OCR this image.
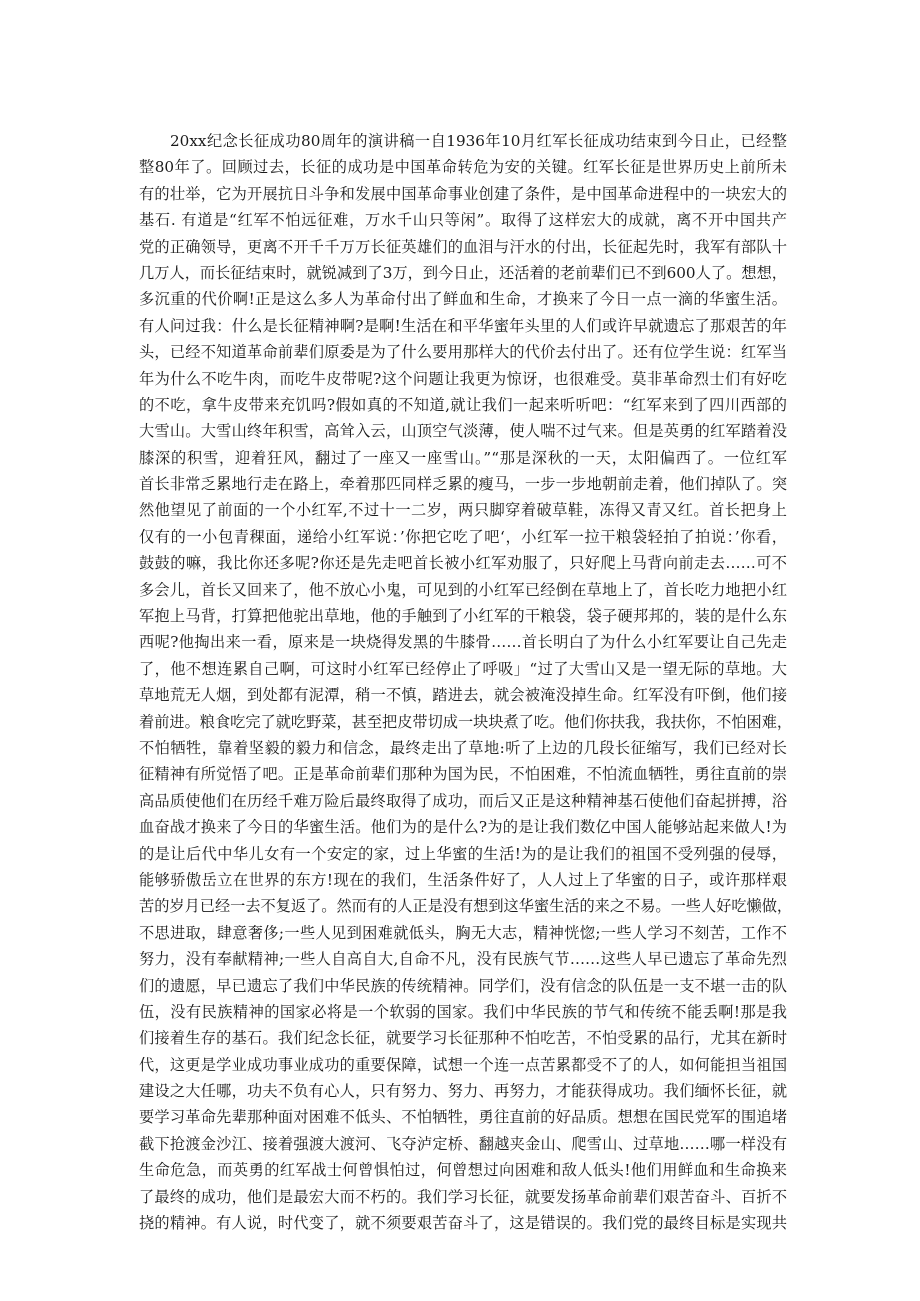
20xx纪念长征成功80周年的演讲稿一自1936年10月红军长征成功结束到今日止，已经整
整80年了。回顾过去，长征的成功是中国革命转危为安的关键。红军长征是世界历史上前所未
有的壮举，它为开展抗日斗争和发展中国革命事业创建了条件，是中国革命进程中的一块宏大的
基石. 有道是“红军不怕远征难，万水千山只等闲”。取得了这样宏大的成就，离不开中国共产
党的正确领导，更离不开千千万万长征英雄们的血泪与汗水的付出，长征起先时，我军有部队十
几万人，而长征结束时，就锐减到了3万，到今日止，还活着的老前辈们已不到600人了。想想，
多沉重的代价啊!正是这么多人为革命付出了鲜血和生命，才换来了今日一点一滴的华蜜生活。
有人问过我：什么是长征精神啊?是啊!生活在和平华蜜年头里的人们或许早就遗忘了那艰苦的年
头，已经不知道革命前辈们原委是为了什么要用那样大的代价去付出了。还有位学生说：红军当
年为什么不吃牛肉，而吃牛皮带呢?这个问题让我更为惊讶，也很难受。莫非革命烈士们有好吃
的不吃，拿牛皮带来充饥吗?假如真的不知道,就让我们一起来听听吧：“红军来到了四川西部的
大雪山。大雪山终年积雪，高耸入云，山顶空气淡薄，使人喘不过气来。但是英勇的红军踏着没
膝深的积雪，迎着狂风，翻过了一座又一座雪山。”“那是深秋的一天，太阳偏西了。一位红军
首长非常乏累地行走在路上，牵着那匹同样乏累的瘦马，一步一步地朝前走着，他们掉队了。突
然他望见了前面的一个小红军,不过十一二岁，两只脚穿着破草鞋，冻得又青又红。首长把身上
仅有的一小包青稞面，递给小红军说：’你把它吃了吧‘，小红军一拉干粮袋轻拍了拍说：’你看，
鼓鼓的嘛，我比你还多呢?你还是先走吧首长被小红军劝服了，只好爬上马背向前走去……可不
多会儿，首长又回来了，他不放心小鬼，可见到的小红军已经倒在草地上了，首长吃力地把小红
军抱上马背，打算把他驼出草地，他的手触到了小红军的干粮袋，袋子硬邦邦的，装的是什么东
西呢?他掏出来一看，原来是一块烧得发黑的牛膝骨……首长明白了为什么小红军要让自己先走
了，他不想连累自己啊，可这时小红军已经停止了呼吸」“过了大雪山又是一望无际的草地。大
草地荒无人烟，到处都有泥潭，稍一不慎，踏进去，就会被淹没掉生命。红军没有吓倒，他们接
着前进。粮食吃完了就吃野菜，甚至把皮带切成一块块煮了吃。他们你扶我，我扶你，不怕困难，
不怕牺牲，靠着坚毅的毅力和信念，最终走出了草地:听了上边的几段长征缩写，我们已经对长
征精神有所觉悟了吧。正是革命前辈们那种为国为民，不怕困难，不怕流血牺牲，勇往直前的崇
高品质使他们在历经千难万险后最终取得了成功，而后又正是这种精神基石使他们奋起拼搏，浴
血奋战才换来了今日的华蜜生活。他们为的是什么?为的是让我们数亿中国人能够站起来做人!为
的是让后代中华儿女有一个安定的家，过上华蜜的生活!为的是让我们的祖国不受列强的侵辱，
能够骄傲岳立在世界的东方!现在的我们，生活条件好了，人人过上了华蜜的日子，或许那样艰
苦的岁月已经一去不复返了。然而有的人正是没有想到这华蜜生活的来之不易。一些人好吃懒做，
不思进取，肆意奢侈;一些人见到困难就低头，胸无大志，精神恍惚;一些人学习不刻苦，工作不
努力，没有奉献精神;一些人自高自大,自命不凡，没有民族气节……这些人早已遗忘了革命先烈
们的遗愿，早已遗忘了我们中华民族的传统精神。同学们，没有信念的队伍是一支不堪一击的队
伍，没有民族精神的国家必将是一个软弱的国家。我们中华民族的节气和传统不能丢啊!那是我
们接着生存的基石。我们纪念长征，就要学习长征那种不怕吃苦，不怕受累的品行，尤其在新时
代，这更是学业成功事业成功的重要保障，试想一个连一点苦累都受不了的人，如何能担当祖国
建设之大任哪，功夫不负有心人，只有努力、努力、再努力，才能获得成功。我们缅怀长征，就
要学习革命先辈那种面对困难不低头、不怕牺牲，勇往直前的好品质。想想在国民党军的围追堵
截下抢渡金沙江、接着强渡大渡河、飞夺泸定桥、翻越夹金山、爬雪山、过草地……哪一样没有
生命危急，而英勇的红军战士何曾惧怕过，何曾想过向困难和敌人低头!他们用鲜血和生命换来
了最终的成功，他们是最宏大而不朽的。我们学习长征，就要发扬革命前辈们艰苦奋斗、百折不
挠的精神。有人说，时代变了，就不须要艰苦奋斗了，这是错误的。我们党的最终目标是实现共
